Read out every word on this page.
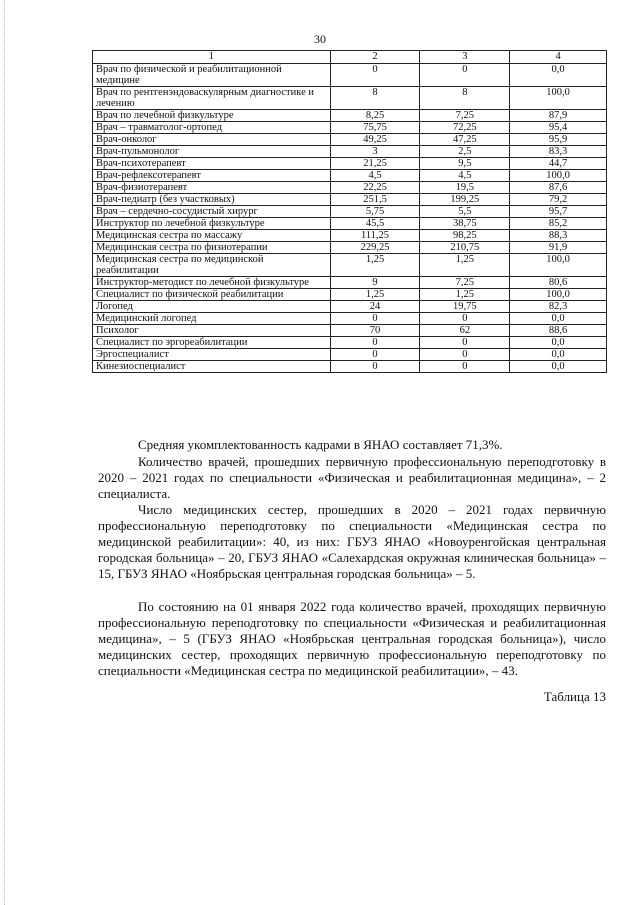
30
1	2	3	4
Врач по физической и реабилитационной медицине	0	0	0,0
Врач по рентгенэндоваскулярным диагностике и лечению	8	8	100,0
Врач по лечебной физкультуре	8,25	7,25	87,9
Врач – травматолог-ортопед	75,75	72,25	95,4
Врач-онколог	49,25	47,25	95,9
Врач-пульмонолог	3	2,5	83,3
Врач-психотерапевт	21,25	9,5	44,7
Врач-рефлексотерапевт	4,5	4,5	100,0
Врач-физиотерапевт	22,25	19,5	87,6
Врач-педиатр (без участковых)	251,5	199,25	79,2
Врач – сердечно-сосудистый хирург	5,75	5,5	95,7
Инструктор по лечебной физкультуре	45,5	38,75	85,2
Медицинская сестра по массажу	111,25	98,25	88,3
Медицинская сестра по физиотерапии	229,25	210,75	91,9
Медицинская сестра по медицинской реабилитации	1,25	1,25	100,0
Инструктор-методист по лечебной физкультуре	9	7,25	80,6
Специалист по физической реабилитации	1,25	1,25	100,0
Логопед	24	19,75	82,3
Медицинский логопед	0	0	0,0
Психолог	70	62	88,6
Специалист по эргореабилитации	0	0	0,0
Эргоспециалист	0	0	0,0
Кинезиоспециалист	0	0	0,0
Средняя укомплектованность кадрами в ЯНАО составляет 71,3%.
Количество врачей, прошедших первичную профессиональную переподготовку в 2020 – 2021 годах по специальности «Физическая и реабилитационная медицина», – 2 специалиста.
Число медицинских сестер, прошедших в 2020 – 2021 годах первичную профессиональную переподготовку по специальности «Медицинская сестра по медицинской реабилитации»: 40, из них: ГБУЗ ЯНАО «Новоуренгойская центральная городская больница» – 20, ГБУЗ ЯНАО «Салехардская окружная клиническая больница» – 15, ГБУЗ ЯНАО «Ноябрьская центральная городская больница» – 5.
По состоянию на 01 января 2022 года количество врачей, проходящих первичную профессиональную переподготовку по специальности «Физическая и реабилитационная медицина», – 5 (ГБУЗ ЯНАО «Ноябрьская центральная городская больница»), число медицинских сестер, проходящих первичную профессиональную переподготовку по специальности «Медицинская сестра по медицинской реабилитации», – 43.
Таблица 13
